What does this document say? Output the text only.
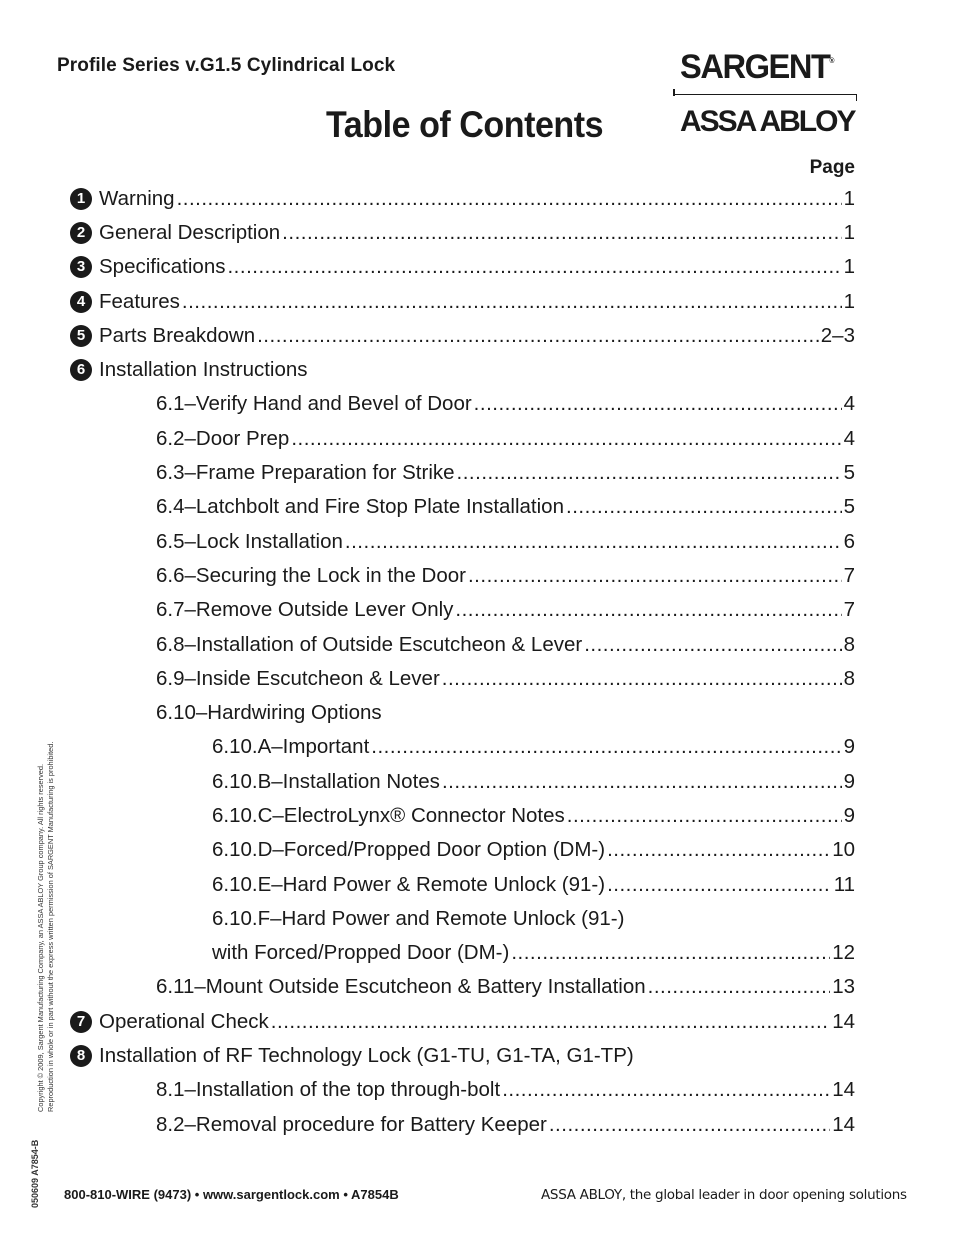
Profile Series v.G1.5 Cylindrical Lock	SARGENT®
ASSA ABLOY
Table of Contents
Page
1 Warning .....	1
2 General Description .....	1
3 Specifications .....	1
4 Features .....	1
5 Parts Breakdown .....	2–3
6 Installation Instructions
6.1–Verify Hand and Bevel of Door .....	4
6.2–Door Prep .....	4
6.3–Frame Preparation for Strike .....	5
6.4–Latchbolt and Fire Stop Plate Installation .....	5
6.5–Lock Installation .....	6
6.6–Securing the Lock in the Door .....	7
6.7–Remove Outside Lever Only .....	7
6.8–Installation of Outside Escutcheon & Lever .....	8
6.9–Inside Escutcheon & Lever .....	8
6.10–Hardwiring Options
6.10.A–Important .....	9
6.10.B–Installation Notes .....	9
6.10.C–ElectroLynx® Connector Notes .....	9
6.10.D–Forced/Propped Door Option (DM-) .....	10
6.10.E–Hard Power & Remote Unlock (91-) .....	11
6.10.F–Hard Power and Remote Unlock (91-)
with Forced/Propped Door (DM-) .....	12
6.11–Mount Outside Escutcheon & Battery Installation .....	13
7 Operational Check .....	14
8 Installation of RF Technology Lock (G1-TU, G1-TA, G1-TP)
8.1–Installation of the top through-bolt .....	14
8.2–Removal procedure for Battery Keeper .....	14
Copyright © 2009, Sargent Manufacturing Company, an ASSA ABLOY Group company. All rights reserved. Reproduction in whole or in part without the express written permission of SARGENT Manufacturing is prohibited.
050609 A7854-B 800-810-WIRE (9473) • www.sargentlock.com • A7854B	ASSA ABLOY, the global leader in door opening solutions
